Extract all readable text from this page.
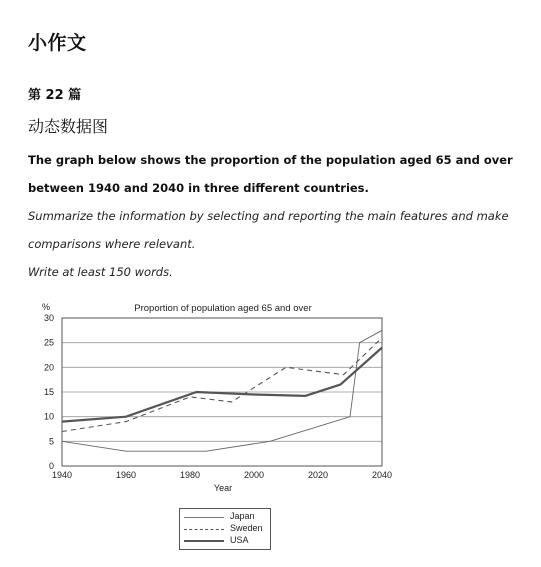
小作文
第 22 篇
动态数据图
The graph below shows the proportion of the population aged 65 and over
between 1940 and 2040 in three different countries.
Summarize the information by selecting and reporting the main features and make
comparisons where relevant.
Write at least 150 words.
Proportion of population aged 65 and over
%
Year
0
5
10
15
20
25
30
1940	1960	1980	2000	2020	2040
Japan
Sweden
USA
